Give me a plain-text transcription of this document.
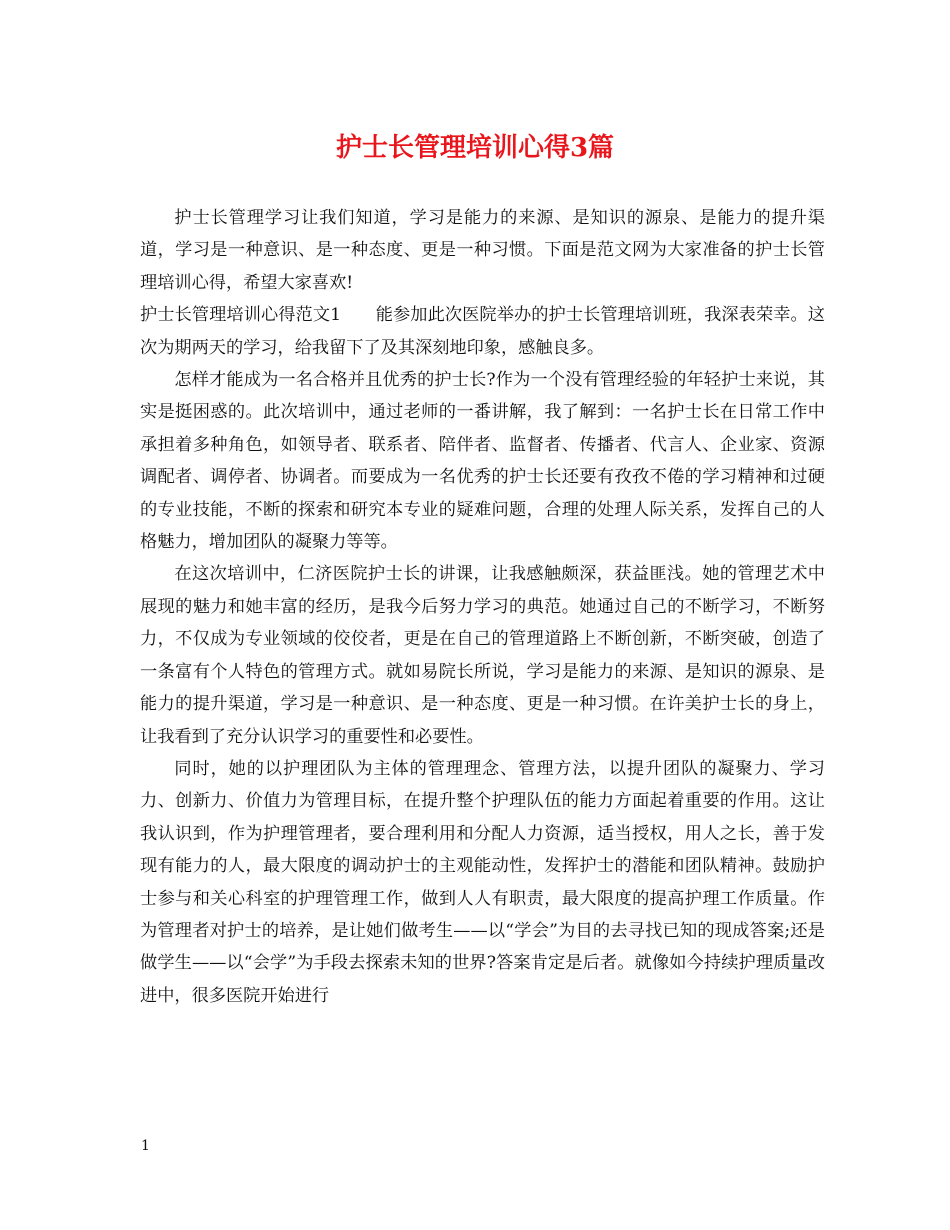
护士长管理培训心得3篇

护士长管理学习让我们知道，学习是能力的来源、是知识的源泉、是能力的提升渠道，学习是一种意识、是一种态度、更是一种习惯。下面是范文网为大家准备的护士长管理培训心得，希望大家喜欢!

护士长管理培训心得范文1　　能参加此次医院举办的护士长管理培训班，我深表荣幸。这次为期两天的学习，给我留下了及其深刻地印象，感触良多。

怎样才能成为一名合格并且优秀的护士长?作为一个没有管理经验的年轻护士来说，其实是挺困惑的。此次培训中，通过老师的一番讲解，我了解到：一名护士长在日常工作中承担着多种角色，如领导者、联系者、陪伴者、监督者、传播者、代言人、企业家、资源调配者、调停者、协调者。而要成为一名优秀的护士长还要有孜孜不倦的学习精神和过硬的专业技能，不断的探索和研究本专业的疑难问题，合理的处理人际关系，发挥自己的人格魅力，增加团队的凝聚力等等。

在这次培训中，仁济医院护士长的讲课，让我感触颇深，获益匪浅。她的管理艺术中展现的魅力和她丰富的经历，是我今后努力学习的典范。她通过自己的不断学习，不断努力，不仅成为专业领域的佼佼者，更是在自己的管理道路上不断创新，不断突破，创造了一条富有个人特色的管理方式。就如易院长所说，学习是能力的来源、是知识的源泉、是能力的提升渠道，学习是一种意识、是一种态度、更是一种习惯。在许美护士长的身上，让我看到了充分认识学习的重要性和必要性。

同时，她的以护理团队为主体的管理理念、管理方法，以提升团队的凝聚力、学习力、创新力、价值力为管理目标，在提升整个护理队伍的能力方面起着重要的作用。这让我认识到，作为护理管理者，要合理利用和分配人力资源，适当授权，用人之长，善于发现有能力的人，最大限度的调动护士的主观能动性，发挥护士的潜能和团队精神。鼓励护士参与和关心科室的护理管理工作，做到人人有职责，最大限度的提高护理工作质量。作为管理者对护士的培养，是让她们做考生——以“学会”为目的去寻找已知的现成答案;还是做学生——以“会学”为手段去探索未知的世界?答案肯定是后者。就像如今持续护理质量改进中，很多医院开始进行

1
